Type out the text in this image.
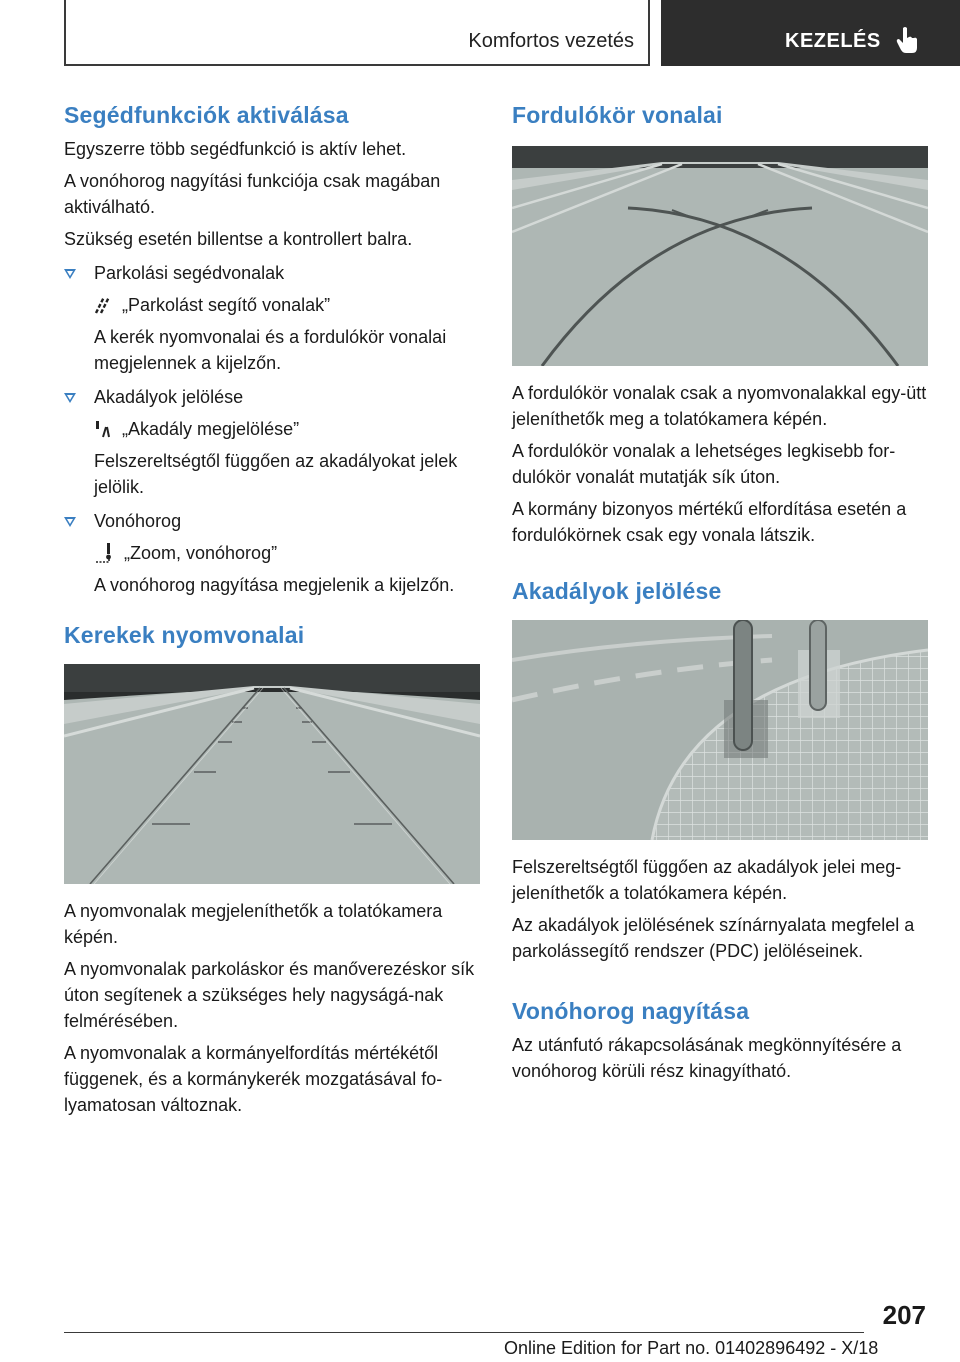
Komfortos vezetés	KEZELÉS
Segédfunkciók aktiválása

Egyszerre több segédfunkció is aktív lehet.

A vonóhorog nagyítási funkciója csak magában aktiválható.

Szükség esetén billentse a kontrollert balra.

Parkolási segédvonalak

„Parkolást segítő vonalak”

A kerék nyomvonalai és a fordulókör vonalai megjelennek a kijelzőn.

Akadályok jelölése

„Akadály megjelölése”

Felszereltségtől függően az akadályokat jelek jelölik.

Vonóhorog

„Zoom, vonóhorog”

A vonóhorog nagyítása megjelenik a kijelzőn.

Kerekek nyomvonalai

A nyomvonalak megjeleníthetők a tolatókamera képén.

A nyomvonalak parkoláskor és manőverezéskor sík úton segítenek a szükséges hely nagyságá-nak felmérésében.

A nyomvonalak a kormányelfordítás mértékétől függenek, és a kormánykerék mozgatásával fo-lyamatosan változnak.

Fordulókör vonalai

A fordulókör vonalak csak a nyomvonalakkal egy-ütt jeleníthetők meg a tolatókamera képén.

A fordulókör vonalak a lehetséges legkisebb for-dulókör vonalát mutatják sík úton.

A kormány bizonyos mértékű elfordítása esetén a fordulókörnek csak egy vonala látszik.

Akadályok jelölése

Felszereltségtől függően az akadályok jelei meg-jeleníthetők a tolatókamera képén.

Az akadályok jelölésének színárnyalata megfelel a parkolássegítő rendszer (PDC) jelöléseinek.

Vonóhorog nagyítása

Az utánfutó rákapcsolásának megkönnyítésére a vonóhorog körüli rész kinagyítható.

207
Online Edition for Part no. 01402896492 - X/18
